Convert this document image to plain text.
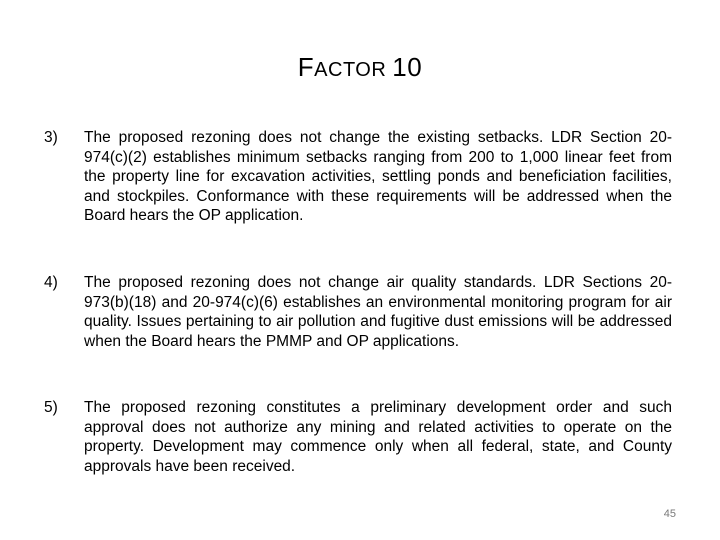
FACTOR 10
3)	The proposed rezoning does not change the existing setbacks. LDR Section 20-974(c)(2) establishes minimum setbacks ranging from 200 to 1,000 linear feet from the property line for excavation activities, settling ponds and beneficiation facilities, and stockpiles. Conformance with these requirements will be addressed when the Board hears the OP application.
4)	The proposed rezoning does not change air quality standards. LDR Sections 20-973(b)(18) and 20-974(c)(6) establishes an environmental monitoring program for air quality. Issues pertaining to air pollution and fugitive dust emissions will be addressed when the Board hears the PMMP and OP applications.
5)	The proposed rezoning constitutes a preliminary development order and such approval does not authorize any mining and related activities to operate on the property. Development may commence only when all federal, state, and County approvals have been received.
45
